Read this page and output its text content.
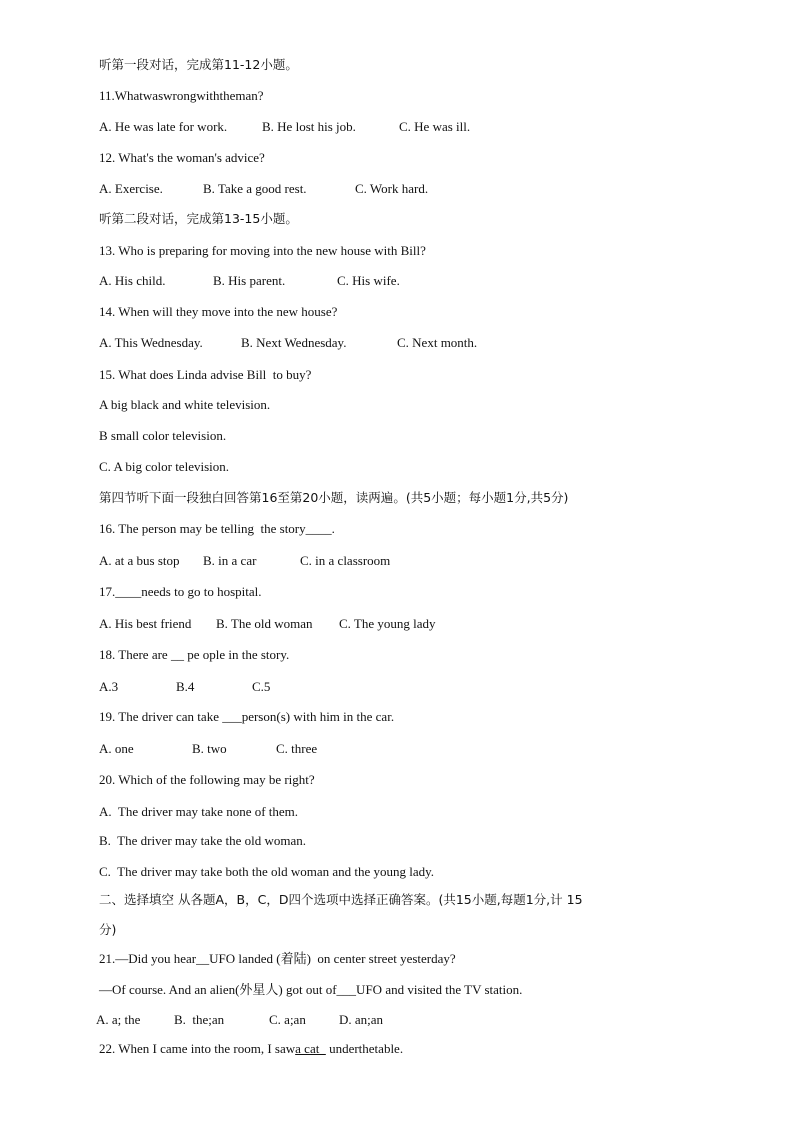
听第一段对话，完成第11-12小题。
11.Whatwaswrongwiththeman?

A. He was late for work.

	B. He lost his job.

	C. He was ill.

12. What's the woman's advice?

A. Exercise.

	B. Take a good rest.

	C. Work hard.

听第二段对话，完成第13-15小题。
13. Who is preparing for moving into the new house with Bill?

A. His child.

	B. His parent.

	C. His wife.

14. When will they move into the new house?

A. This Wednesday.

	B. Next Wednesday.

	C. Next month.

15. What does Linda advise Bill  to buy?
A big black and white television.
B small color television.
C. A big color television.
第四节听下面一段独白回答第16至第20小题，读两遍。(共5小题；每小题1分,共5分)
16. The person may be telling  the story____.

A. at a bus stop

B. in a car

	C. in a classroom

17.____needs to go to hospital.

A. His best friend

B. The old woman

C. The young lady

18. There are __ pe ople in the story.

A.3

	B.4

	C.5

19. The driver can take ___person(s) with him in the car.

A. one

	B. two

	C. three

20. Which of the following may be right?
A.  The driver may take none of them.
B.  The driver may take the old woman.
C.  The driver may take both the old woman and the young lady.
二、选择填空 从各题A，B，C，D四个选项中选择正确答案。(共15小题,每题1分,计 15
分)
21.—Did you hear__UFO landed (着陆)  on center street yesterday?
—Of course. And an alien(外星人) got out of___UFO and visited the TV station.

A. a; the

	B.  the;an

	C. a;an

	D. an;an

22. When I came into the room, I sawa cat   underthetable.
